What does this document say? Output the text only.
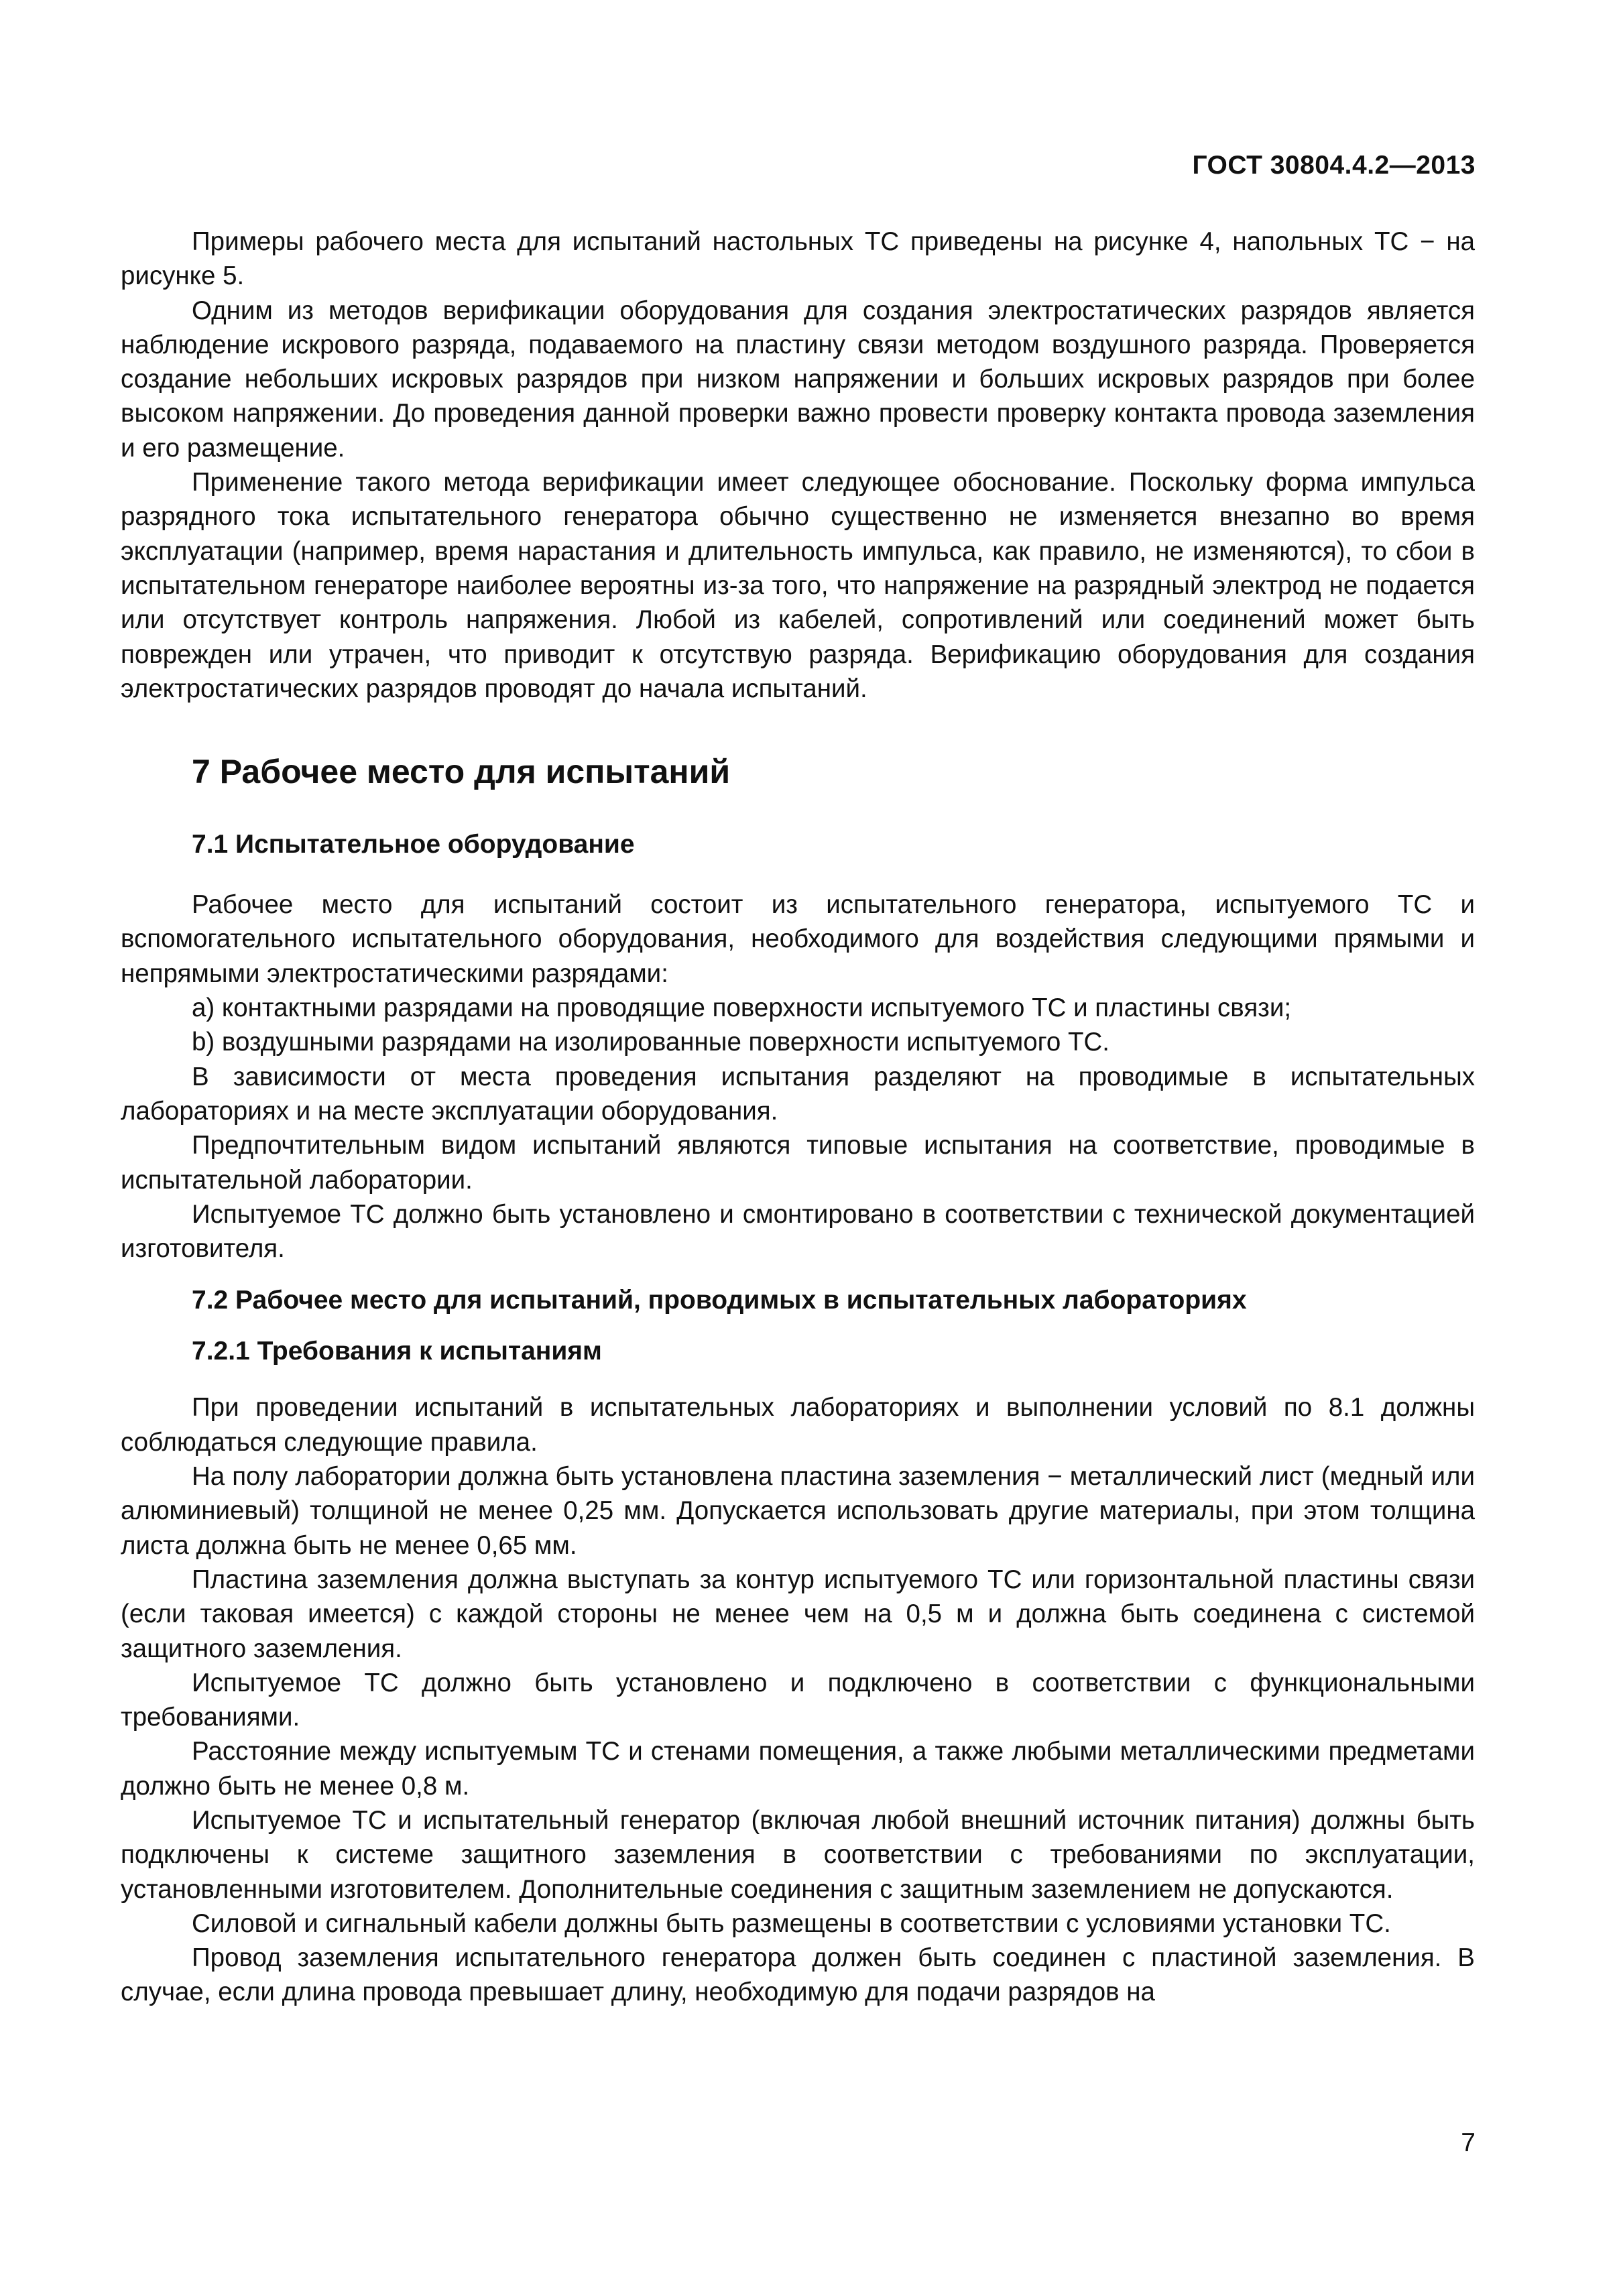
ГОСТ 30804.4.2—2013

Примеры рабочего места для испытаний настольных ТС приведены на рисунке 4, напольных ТС − на рисунке 5.

Одним из методов верификации оборудования для создания электростатических разрядов является наблюдение искрового разряда, подаваемого на пластину связи методом воздушного разряда. Проверяется создание небольших искровых разрядов при низком напряжении и больших искровых разрядов при более высоком напряжении. До проведения данной проверки важно провести проверку контакта провода заземления и его размещение.

Применение такого метода верификации имеет следующее обоснование. Поскольку форма импульса разрядного тока испытательного генератора обычно существенно не изменяется внезапно во время эксплуатации (например, время нарастания и длительность импульса, как правило, не изменяются), то сбои в испытательном генераторе наиболее вероятны из-за того, что напряжение на разрядный электрод не подается или отсутствует контроль напряжения. Любой из кабелей, сопротивлений или соединений может быть поврежден или утрачен, что приводит к отсутствую разряда. Верификацию оборудования для создания электростатических разрядов проводят до начала испытаний.

7 Рабочее место для испытаний
7.1 Испытательное оборудование

Рабочее место для испытаний состоит из испытательного генератора, испытуемого ТС и вспомогательного испытательного оборудования, необходимого для воздействия следующими прямыми и непрямыми электростатическими разрядами:

a) контактными разрядами на проводящие поверхности испытуемого ТС и пластины связи;

b) воздушными разрядами на изолированные поверхности испытуемого ТС.

В зависимости от места проведения испытания разделяют на проводимые в испытательных лабораториях и на месте эксплуатации оборудования.

Предпочтительным видом испытаний являются типовые испытания на соответствие, проводимые в испытательной лаборатории.

Испытуемое ТС должно быть установлено и смонтировано в соответствии с технической документацией изготовителя.

7.2 Рабочее место для испытаний, проводимых в испытательных лабораториях
7.2.1 Требования к испытаниям

При проведении испытаний в испытательных лабораториях и выполнении условий по 8.1 должны соблюдаться следующие правила.

На полу лаборатории должна быть установлена пластина заземления − металлический лист (медный или алюминиевый) толщиной не менее 0,25 мм. Допускается использовать другие материалы, при этом толщина листа должна быть не менее 0,65 мм.

Пластина заземления должна выступать за контур испытуемого ТС или горизонтальной пластины связи (если таковая имеется) с каждой стороны не менее чем на 0,5 м и должна быть соединена с системой защитного заземления.

Испытуемое ТС должно быть установлено и подключено в соответствии с функциональными требованиями.

Расстояние между испытуемым ТС и стенами помещения, а также любыми металлическими предметами должно быть не менее 0,8 м.

Испытуемое ТС и испытательный генератор (включая любой внешний источник питания) должны быть подключены к системе защитного заземления в соответствии с требованиями по эксплуатации, установленными изготовителем. Дополнительные соединения с защитным заземлением не допускаются.

Силовой и сигнальный кабели должны быть размещены в соответствии с условиями установки ТС.

Провод заземления испытательного генератора должен быть соединен с пластиной заземления. В случае, если длина провода превышает длину, необходимую для подачи разрядов на

7
